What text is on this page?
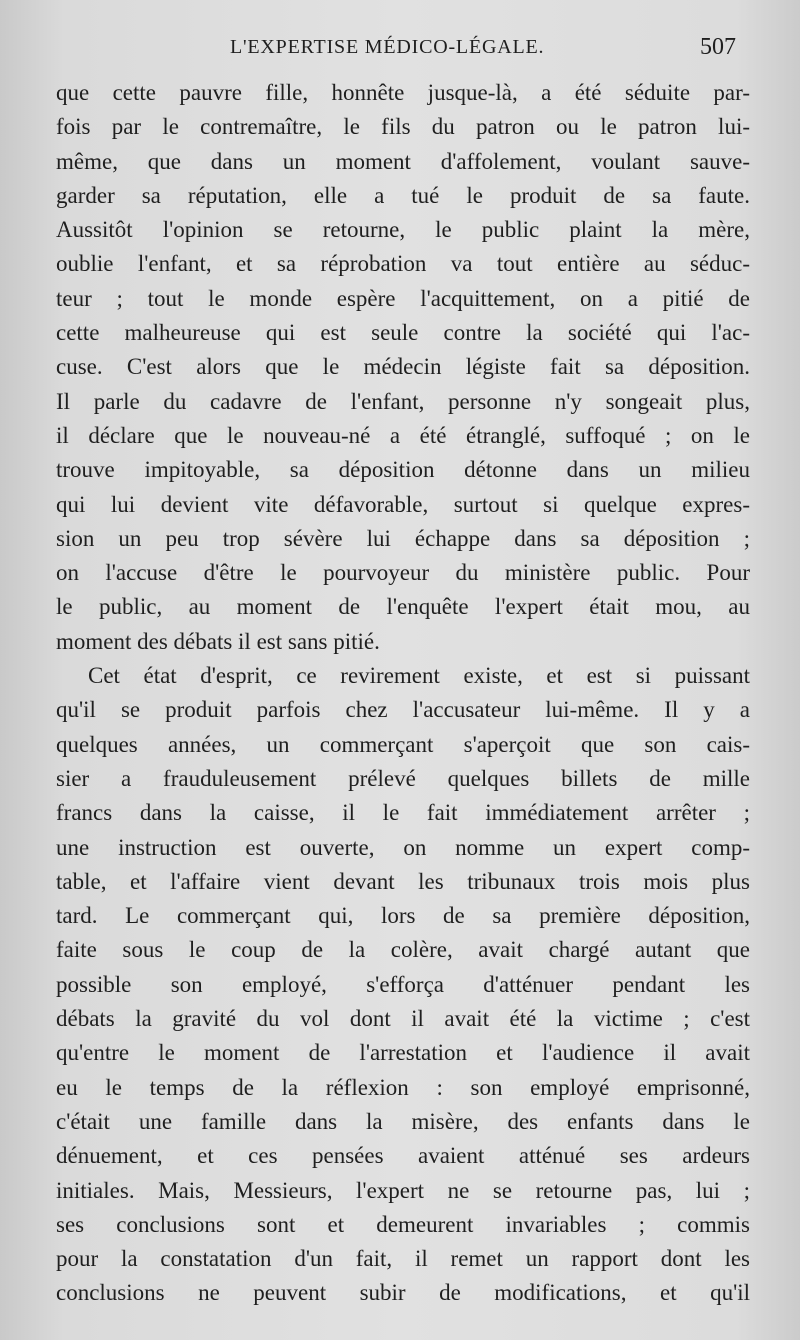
L'EXPERTISE MÉDICO-LÉGALE.	507
que cette pauvre fille, honnête jusque-là, a été séduite par-
fois par le contremaître, le fils du patron ou le patron lui-
même, que dans un moment d'affolement, voulant sauve-
garder sa réputation, elle a tué le produit de sa faute.
Aussitôt l'opinion se retourne, le public plaint la mère,
oublie l'enfant, et sa réprobation va tout entière au séduc-
teur ; tout le monde espère l'acquittement, on a pitié de
cette malheureuse qui est seule contre la société qui l'ac-
cuse. C'est alors que le médecin légiste fait sa déposition.
Il parle du cadavre de l'enfant, personne n'y songeait plus,
il déclare que le nouveau-né a été étranglé, suffoqué ; on le
trouve impitoyable, sa déposition détonne dans un milieu
qui lui devient vite défavorable, surtout si quelque expres-
sion un peu trop sévère lui échappe dans sa déposition ;
on l'accuse d'être le pourvoyeur du ministère public. Pour
le public, au moment de l'enquête l'expert était mou, au
moment des débats il est sans pitié.
Cet état d'esprit, ce revirement existe, et est si puissant
qu'il se produit parfois chez l'accusateur lui-même. Il y a
quelques années, un commerçant s'aperçoit que son cais-
sier a frauduleusement prélevé quelques billets de mille
francs dans la caisse, il le fait immédiatement arrêter ;
une instruction est ouverte, on nomme un expert comp-
table, et l'affaire vient devant les tribunaux trois mois plus
tard. Le commerçant qui, lors de sa première déposition,
faite sous le coup de la colère, avait chargé autant que
possible son employé, s'efforça d'atténuer pendant les
débats la gravité du vol dont il avait été la victime ; c'est
qu'entre le moment de l'arrestation et l'audience il avait
eu le temps de la réflexion : son employé emprisonné,
c'était une famille dans la misère, des enfants dans le
dénuement, et ces pensées avaient atténué ses ardeurs
initiales. Mais, Messieurs, l'expert ne se retourne pas, lui ;
ses conclusions sont et demeurent invariables ; commis
pour la constatation d'un fait, il remet un rapport dont les
conclusions ne peuvent subir de modifications, et qu'il
